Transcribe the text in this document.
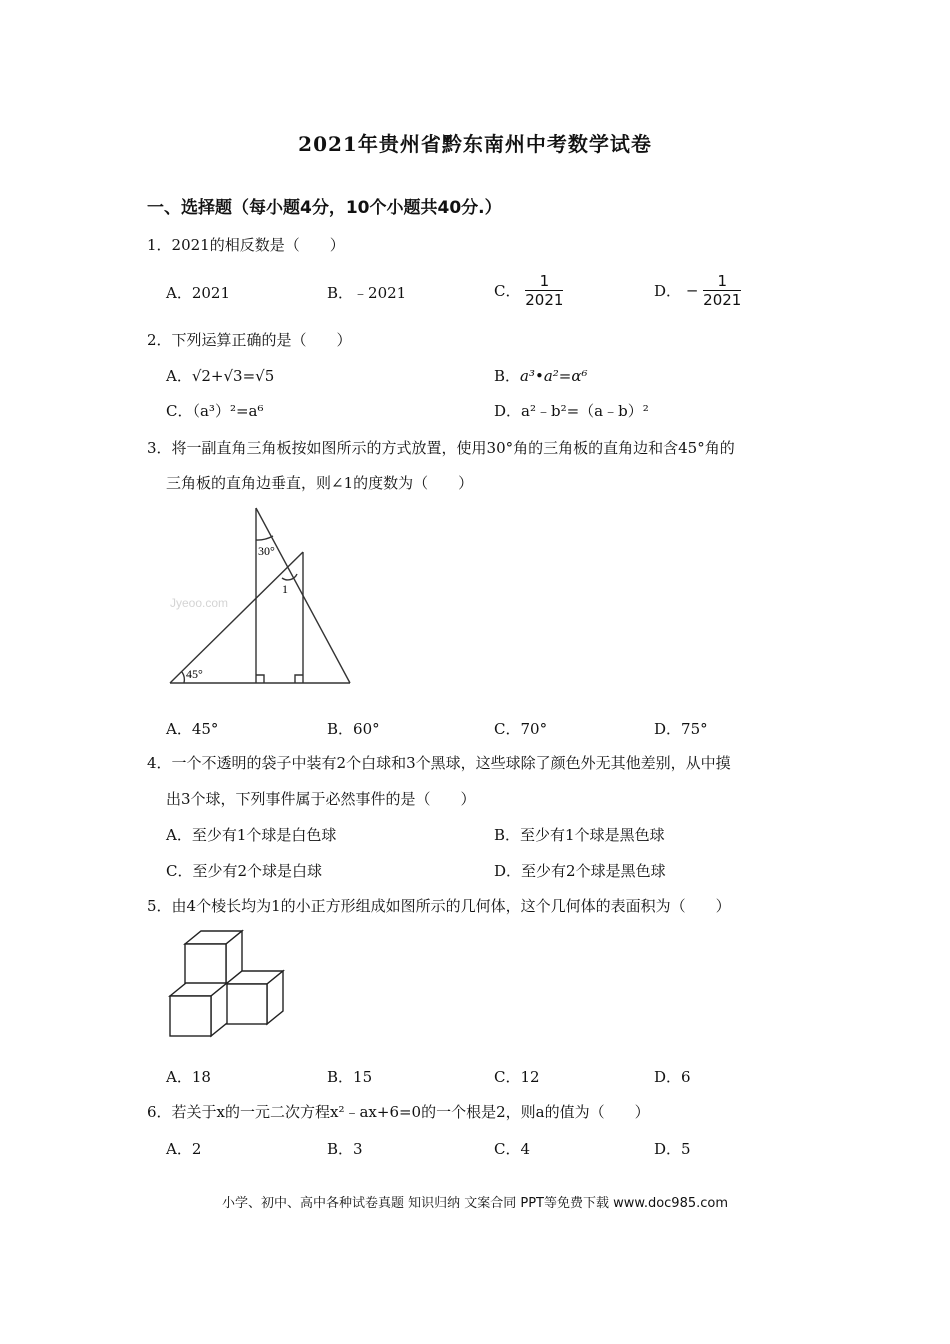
2021年贵州省黔东南州中考数学试卷
一、选择题（每小题4分，10个小题共40分.）
1．2021的相反数是（　　）
A．2021	B．﹣2021	C． $\frac{1}{2021}$	D． − $\frac{1}{2021}$
2．下列运算正确的是（　　）
A．√2+√3=√5	B．a³•a²=α⁶
C．（a³）²=a⁶	D．a²﹣b²=（a﹣b）²
3．将一副直角三角板按如图所示的方式放置，使用30°角的三角板的直角边和含45°角的
三角板的直角边垂直，则∠1的度数为（　　）
30°
1
45°
Jyeoo.com
A．45°	B．60°	C．70°	D．75°
4．一个不透明的袋子中装有2个白球和3个黑球，这些球除了颜色外无其他差别，从中摸
出3个球，下列事件属于必然事件的是（　　）
A．至少有1个球是白色球	B．至少有1个球是黑色球
C．至少有2个球是白球	D．至少有2个球是黑色球
5．由4个棱长均为1的小正方形组成如图所示的几何体，这个几何体的表面积为（　　）
A．18	B．15	C．12	D．6
6．若关于x的一元二次方程x²﹣ax+6=0的一个根是2，则a的值为（　　）
A．2	B．3	C．4	D．5
小学、初中、高中各种试卷真题 知识归纳 文案合同 PPT等免费下载 www.doc985.com
